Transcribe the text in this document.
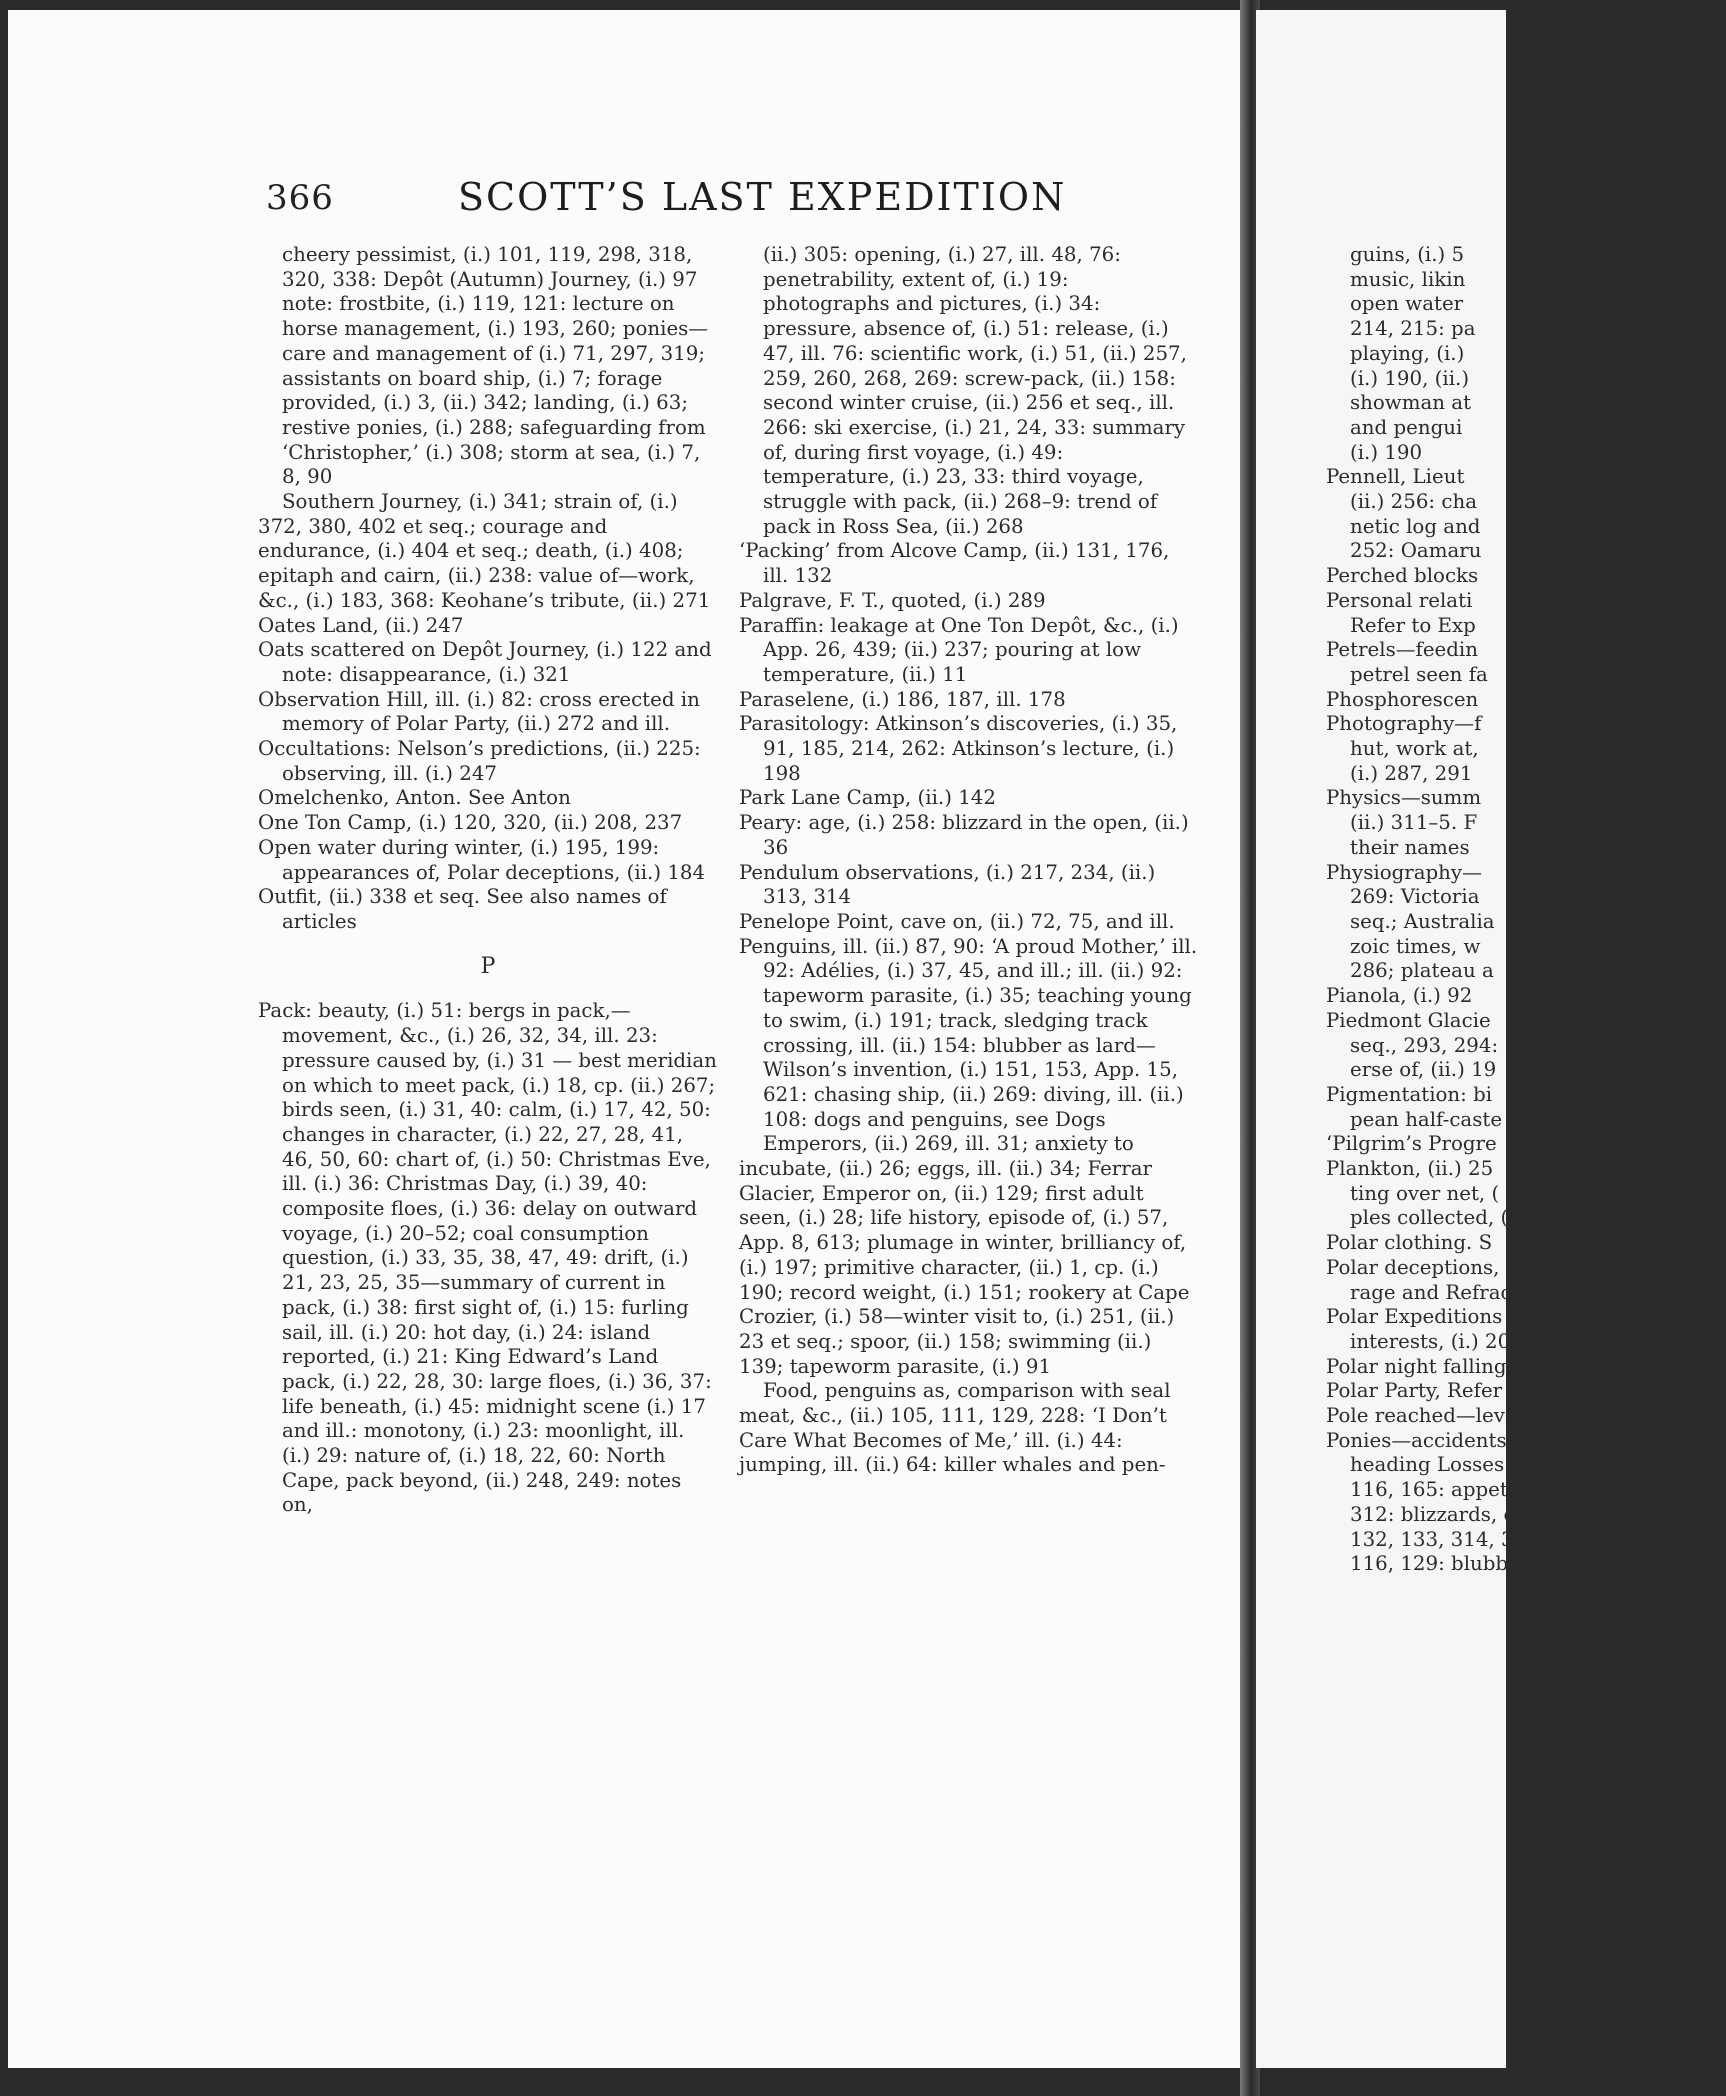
366	SCOTT’S LAST EXPEDITION
cheery pessimist, (i.) 101, 119, 298, 318, 320, 338: Depôt (Autumn) Journey, (i.) 97 note: frostbite, (i.) 119, 121: lecture on horse management, (i.) 193, 260; ponies—care and management of (i.) 71, 297, 319; assistants on board ship, (i.) 7; forage provided, (i.) 3, (ii.) 342; landing, (i.) 63; restive ponies, (i.) 288; safeguarding from ‘Christopher,’ (i.) 308; storm at sea, (i.) 7, 8, 90
Southern Journey, (i.) 341; strain of, (i.) 372, 380, 402 et seq.; courage and endurance, (i.) 404 et seq.; death, (i.) 408; epitaph and cairn, (ii.) 238: value of—work, &c., (i.) 183, 368: Keohane’s tribute, (ii.) 271
Oates Land, (ii.) 247
Oats scattered on Depôt Journey, (i.) 122 and note: disappearance, (i.) 321
Observation Hill, ill. (i.) 82: cross erected in memory of Polar Party, (ii.) 272 and ill.
Occultations: Nelson’s predictions, (ii.) 225: observing, ill. (i.) 247
Omelchenko, Anton. See Anton
One Ton Camp, (i.) 120, 320, (ii.) 208, 237
Open water during winter, (i.) 195, 199: appearances of, Polar deceptions, (ii.) 184
Outfit, (ii.) 338 et seq. See also names of articles
P
Pack: beauty, (i.) 51: bergs in pack,—movement, &c., (i.) 26, 32, 34, ill. 23: pressure caused by, (i.) 31 — best meridian on which to meet pack, (i.) 18, cp. (ii.) 267; birds seen, (i.) 31, 40: calm, (i.) 17, 42, 50: changes in character, (i.) 22, 27, 28, 41, 46, 50, 60: chart of, (i.) 50: Christmas Eve, ill. (i.) 36: Christmas Day, (i.) 39, 40: composite floes, (i.) 36: delay on outward voyage, (i.) 20–52; coal consumption question, (i.) 33, 35, 38, 47, 49: drift, (i.) 21, 23, 25, 35—summary of current in pack, (i.) 38: first sight of, (i.) 15: furling sail, ill. (i.) 20: hot day, (i.) 24: island reported, (i.) 21: King Edward’s Land pack, (i.) 22, 28, 30: large floes, (i.) 36, 37: life beneath, (i.) 45: midnight scene (i.) 17 and ill.: monotony, (i.) 23: moonlight, ill. (i.) 29: nature of, (i.) 18, 22, 60: North Cape, pack beyond, (ii.) 248, 249: notes on,
(ii.) 305: opening, (i.) 27, ill. 48, 76: penetrability, extent of, (i.) 19: photographs and pictures, (i.) 34: pressure, absence of, (i.) 51: release, (i.) 47, ill. 76: scientific work, (i.) 51, (ii.) 257, 259, 260, 268, 269: screw-pack, (ii.) 158: second winter cruise, (ii.) 256 et seq., ill. 266: ski exercise, (i.) 21, 24, 33: summary of, during first voyage, (i.) 49: temperature, (i.) 23, 33: third voyage, struggle with pack, (ii.) 268–9: trend of pack in Ross Sea, (ii.) 268
‘Packing’ from Alcove Camp, (ii.) 131, 176, ill. 132
Palgrave, F. T., quoted, (i.) 289
Paraffin: leakage at One Ton Depôt, &c., (i.) App. 26, 439; (ii.) 237; pouring at low temperature, (ii.) 11
Paraselene, (i.) 186, 187, ill. 178
Parasitology: Atkinson’s discoveries, (i.) 35, 91, 185, 214, 262: Atkinson’s lecture, (i.) 198
Park Lane Camp, (ii.) 142
Peary: age, (i.) 258: blizzard in the open, (ii.) 36
Pendulum observations, (i.) 217, 234, (ii.) 313, 314
Penelope Point, cave on, (ii.) 72, 75, and ill.
Penguins, ill. (ii.) 87, 90: ‘A proud Mother,’ ill. 92: Adélies, (i.) 37, 45, and ill.; ill. (ii.) 92: tapeworm parasite, (i.) 35; teaching young to swim, (i.) 191; track, sledging track crossing, ill. (ii.) 154: blubber as lard—Wilson’s invention, (i.) 151, 153, App. 15, 621: chasing ship, (ii.) 269: diving, ill. (ii.) 108: dogs and penguins, see Dogs
Emperors, (ii.) 269, ill. 31; anxiety to incubate, (ii.) 26; eggs, ill. (ii.) 34; Ferrar Glacier, Emperor on, (ii.) 129; first adult seen, (i.) 28; life history, episode of, (i.) 57, App. 8, 613; plumage in winter, brilliancy of, (i.) 197; primitive character, (ii.) 1, cp. (i.) 190; record weight, (i.) 151; rookery at Cape Crozier, (i.) 58—winter visit to, (i.) 251, (ii.) 23 et seq.; spoor, (ii.) 158; swimming (ii.) 139; tapeworm parasite, (i.) 91
Food, penguins as, comparison with seal meat, &c., (ii.) 105, 111, 129, 228: ‘I Don’t Care What Becomes of Me,’ ill. (i.) 44: jumping, ill. (ii.) 64: killer whales and pen-
guins, (i.) 5
music, likin
open water
214, 215: pa
playing, (i.)
(i.) 190, (ii.)
showman at
and pengui
(i.) 190
Pennell, Lieut
(ii.) 256: cha
netic log and
252: Oamaru
Perched blocks
Personal relati
Refer to Exp
Petrels—feedin
petrel seen fa
Phosphorescen
Photography—f
hut, work at,
(i.) 287, 291
Physics—summ
(ii.) 311–5. F
their names
Physiography—
269: Victoria
seq.; Australia
zoic times, w
286; plateau a
Pianola, (i.) 92
Piedmont Glacie
seq., 293, 294:
erse of, (ii.) 19
Pigmentation: bi
pean half-caste
‘Pilgrim’s Progre
Plankton, (ii.) 25
ting over net, (
ples collected, (
Polar clothing. S
Polar deceptions,
rage and Refrac
Polar Expeditions
interests, (i.) 20
Polar night falling
Polar Party, Refer
Pole reached—leve
Ponies—accidents,
heading Losses:
116, 165: appeti
312: blizzards, ef
132, 133, 314, 3
116, 129: blubber
